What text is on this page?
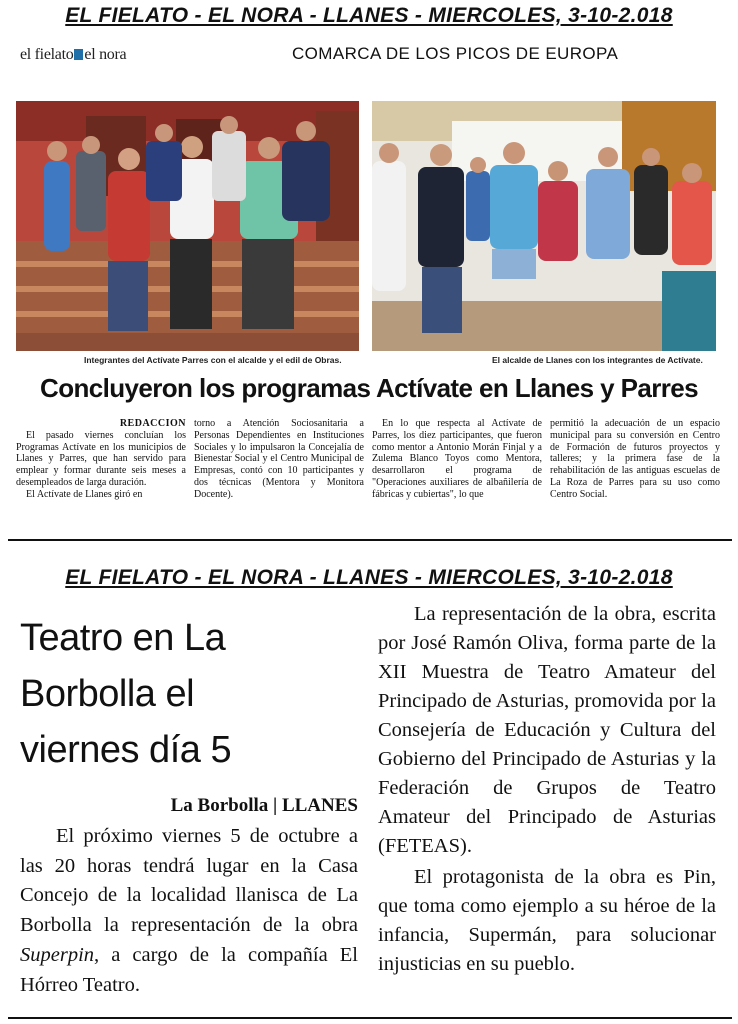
EL FIELATO - EL NORA - LLANES - MIERCOLES, 3-10-2.018
el fielato el nora	COMARCA DE LOS PICOS DE EUROPA
Integrantes del Actívate Parres con el alcalde y el edil de Obras.	El alcalde de Llanes con los integrantes de Actívate.
Concluyeron los programas Actívate en Llanes y Parres

REDACCION

El pasado viernes concluían los Programas Actívate en los municipios de Llanes y Parres, que han servido para emplear y formar durante seis meses a desempleados de larga duración.

El Actívate de Llanes giró en

torno a Atención Sociosanitaria a Personas Dependientes en Instituciones Sociales y lo impulsaron la Concejalía de Bienestar Social y el Centro Municipal de Empresas, contó con 10 participantes y dos técnicas (Mentora y Monitora Docente).

En lo que respecta al Actívate de Parres, los diez participantes, que fueron como mentor a Antonio Morán Finjal y a Zulema Blanco Toyos como Mentora, desarrollaron el programa de "Operaciones auxiliares de albañilería de fábricas y cubiertas", lo que

permitió la adecuación de un espacio municipal para su conversión en Centro de Formación de futuros proyectos y talleres; y la primera fase de la rehabilitación de las antiguas escuelas de La Roza de Parres para su uso como Centro Social.

EL FIELATO - EL NORA - LLANES - MIERCOLES, 3-10-2.018
Teatro en La
Borbolla el
viernes día 5
La Borbolla | LLANES

El próximo viernes 5 de octubre a las 20 horas tendrá lugar en la Casa Concejo de la localidad llanisca de La Borbolla la representación de la obra Superpin, a cargo de la compañía El Hórreo Teatro.

La representación de la obra, escrita por José Ramón Oliva, forma parte de la XII Muestra de Teatro Amateur del Principado de Asturias, promovida por la Consejería de Educación y Cultura del Gobierno del Principado de Asturias y la Federación de Grupos de Teatro Amateur del Principado de Asturias (FETEAS).

El protagonista de la obra es Pin, que toma como ejemplo a su héroe de la infancia, Supermán, para solucionar injusticias en su pueblo.
